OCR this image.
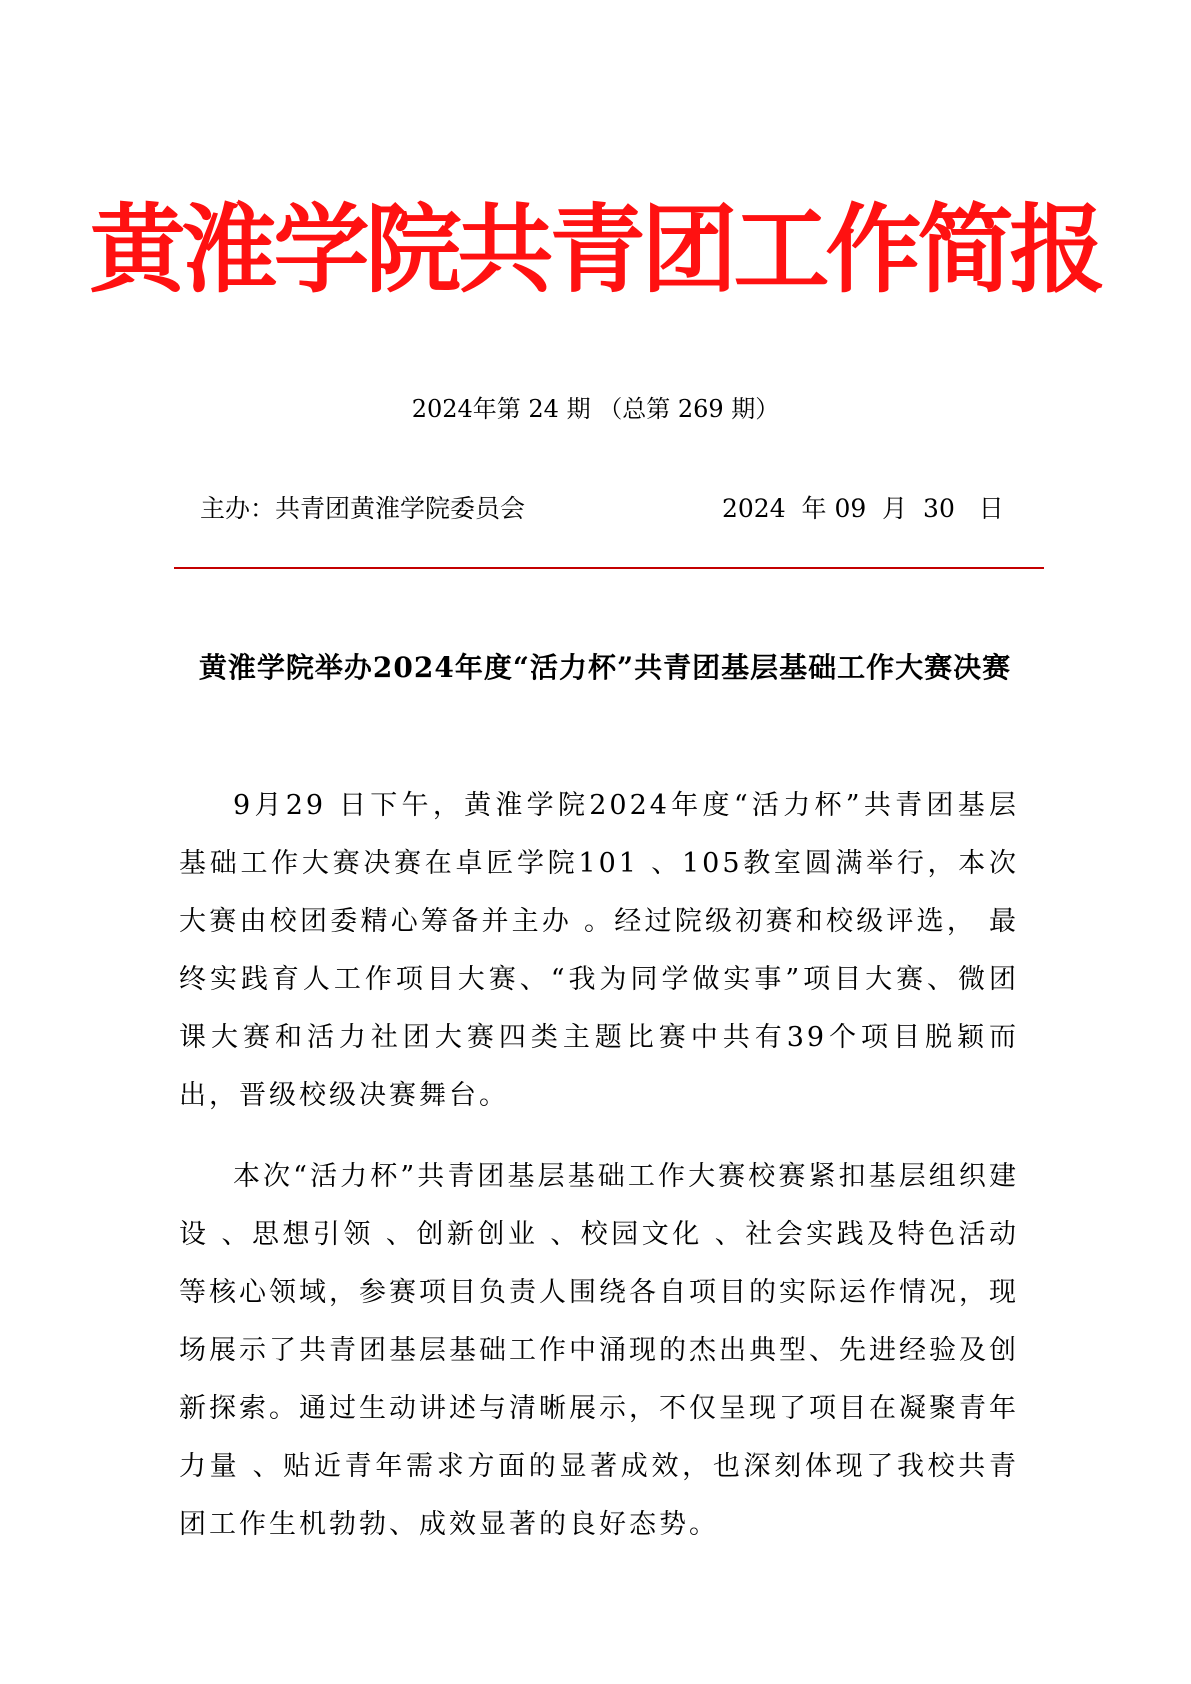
黄淮学院共青团工作简报
2024年第 24 期 （总第 269 期）
主办：共青团黄淮学院委员会	2024  年 09  月  30   日
黄淮学院举办2024年度“活力杯”共青团基层基础工作大赛决赛

9月29 日下午，黄淮学院2024年度“活力杯”共青团基层基础工作大赛决赛在卓匠学院101 、105教室圆满举行，本次大赛由校团委精心筹备并主办 。经过院级初赛和校级评选， 最终实践育人工作项目大赛、“我为同学做实事”项目大赛、微团课大赛和活力社团大赛四类主题比赛中共有39个项目脱颖而出，晋级校级决赛舞台。

本次“活力杯”共青团基层基础工作大赛校赛紧扣基层组织建设 、思想引领 、创新创业 、校园文化 、社会实践及特色活动等核心领域，参赛项目负责人围绕各自项目的实际运作情况，现场展示了共青团基层基础工作中涌现的杰出典型、先进经验及创新探索。通过生动讲述与清晰展示，不仅呈现了项目在凝聚青年力量 、贴近青年需求方面的显著成效，也深刻体现了我校共青团工作生机勃勃、成效显著的良好态势。
